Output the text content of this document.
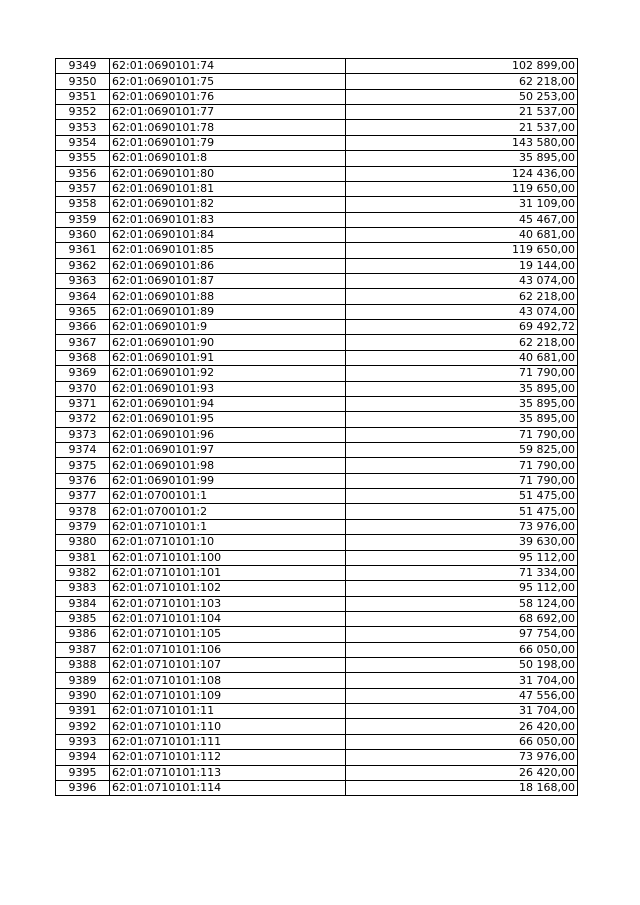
9349	62:01:0690101:74	102 899,00
9350	62:01:0690101:75	62 218,00
9351	62:01:0690101:76	50 253,00
9352	62:01:0690101:77	21 537,00
9353	62:01:0690101:78	21 537,00
9354	62:01:0690101:79	143 580,00
9355	62:01:0690101:8	35 895,00
9356	62:01:0690101:80	124 436,00
9357	62:01:0690101:81	119 650,00
9358	62:01:0690101:82	31 109,00
9359	62:01:0690101:83	45 467,00
9360	62:01:0690101:84	40 681,00
9361	62:01:0690101:85	119 650,00
9362	62:01:0690101:86	19 144,00
9363	62:01:0690101:87	43 074,00
9364	62:01:0690101:88	62 218,00
9365	62:01:0690101:89	43 074,00
9366	62:01:0690101:9	69 492,72
9367	62:01:0690101:90	62 218,00
9368	62:01:0690101:91	40 681,00
9369	62:01:0690101:92	71 790,00
9370	62:01:0690101:93	35 895,00
9371	62:01:0690101:94	35 895,00
9372	62:01:0690101:95	35 895,00
9373	62:01:0690101:96	71 790,00
9374	62:01:0690101:97	59 825,00
9375	62:01:0690101:98	71 790,00
9376	62:01:0690101:99	71 790,00
9377	62:01:0700101:1	51 475,00
9378	62:01:0700101:2	51 475,00
9379	62:01:0710101:1	73 976,00
9380	62:01:0710101:10	39 630,00
9381	62:01:0710101:100	95 112,00
9382	62:01:0710101:101	71 334,00
9383	62:01:0710101:102	95 112,00
9384	62:01:0710101:103	58 124,00
9385	62:01:0710101:104	68 692,00
9386	62:01:0710101:105	97 754,00
9387	62:01:0710101:106	66 050,00
9388	62:01:0710101:107	50 198,00
9389	62:01:0710101:108	31 704,00
9390	62:01:0710101:109	47 556,00
9391	62:01:0710101:11	31 704,00
9392	62:01:0710101:110	26 420,00
9393	62:01:0710101:111	66 050,00
9394	62:01:0710101:112	73 976,00
9395	62:01:0710101:113	26 420,00
9396	62:01:0710101:114	18 168,00
